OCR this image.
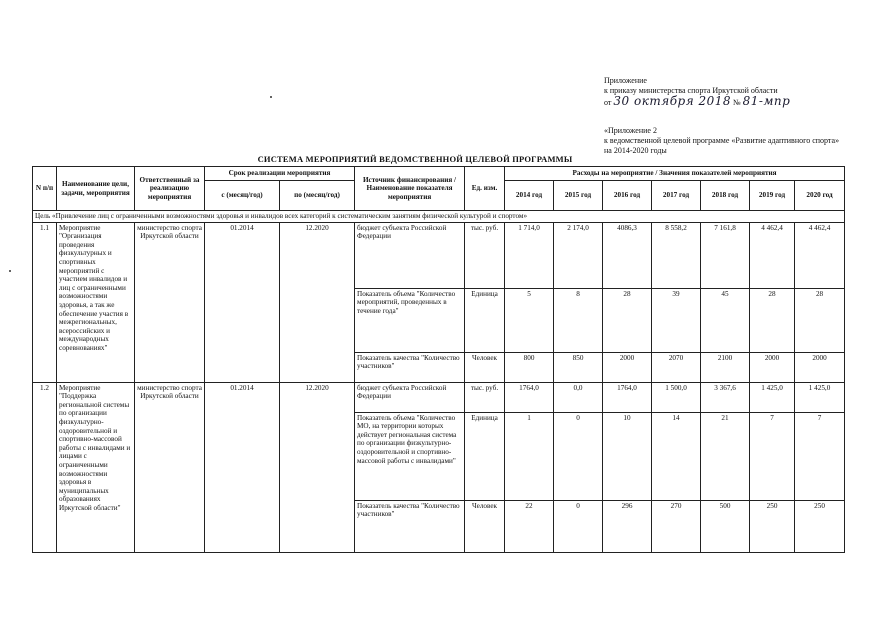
Приложение
к приказу министерства спорта Иркутской области
от 30 октября 2018 № 81-мпр
«Приложение 2
к ведомственной целевой программе «Развитие адаптивного спорта»
на 2014-2020 годы
СИСТЕМА МЕРОПРИЯТИЙ ВЕДОМСТВЕННОЙ ЦЕЛЕВОЙ ПРОГРАММЫ
N п/п	Наименование цели, задачи, мероприятия	Ответственный за реализацию мероприятия	Срок реализации мероприятия		Источник финансирования / Наименование показателя мероприятия	Ед. изм.	Расходы на мероприятие / Значения показателей мероприятия						
			с (месяц/год)	по (месяц/год)			2014 год	2015 год	2016 год	2017 год	2018 год	2019 год	2020 год
Цель «Привлечение лиц с ограниченными возможностями здоровья и инвалидов всех категорий к систематическим занятиям физической культурой и спортом»													
1.1	Мероприятие "Организация проведения физкультурных и спортивных мероприятий с участием инвалидов и лиц с ограниченными возможностями здоровья, а так же обеспечение участия в межрегиональных, всероссийских и международных соревнованиях"	министерство спорта Иркутской области	01.2014	12.2020	бюджет субъекта Российской Федерации	тыс. руб.	1 714,0	2 174,0	4086,3	8 558,2	7 161,8	4 462,4	4 462,4
					Показатель объема "Количество мероприятий, проведенных в течение года"	Единица	5	8	28	39	45	28	28
					Показатель качества "Количество участников"	Человек	800	850	2000	2070	2100	2000	2000
1.2	Мероприятие "Поддержка региональной системы по организации физкультурно-оздоровительной и спортивно-массовой работы с инвалидами и лицами с ограниченными возможностями здоровья в муниципальных образованиях Иркутской области"	министерство спорта Иркутской области	01.2014	12.2020	бюджет субъекта Российской Федерации	тыс. руб.	1764,0	0,0	1764,0	1 500,0	3 367,6	1 425,0	1 425,0
					Показатель объема "Количество МО, на территории которых действует региональная система по организации физкультурно-оздоровительной и спортивно-массовой работы с инвалидами"	Единица	1	0	10	14	21	7	7
					Показатель качества "Количество участников"	Человек	22	0	296	270	500	250	250
